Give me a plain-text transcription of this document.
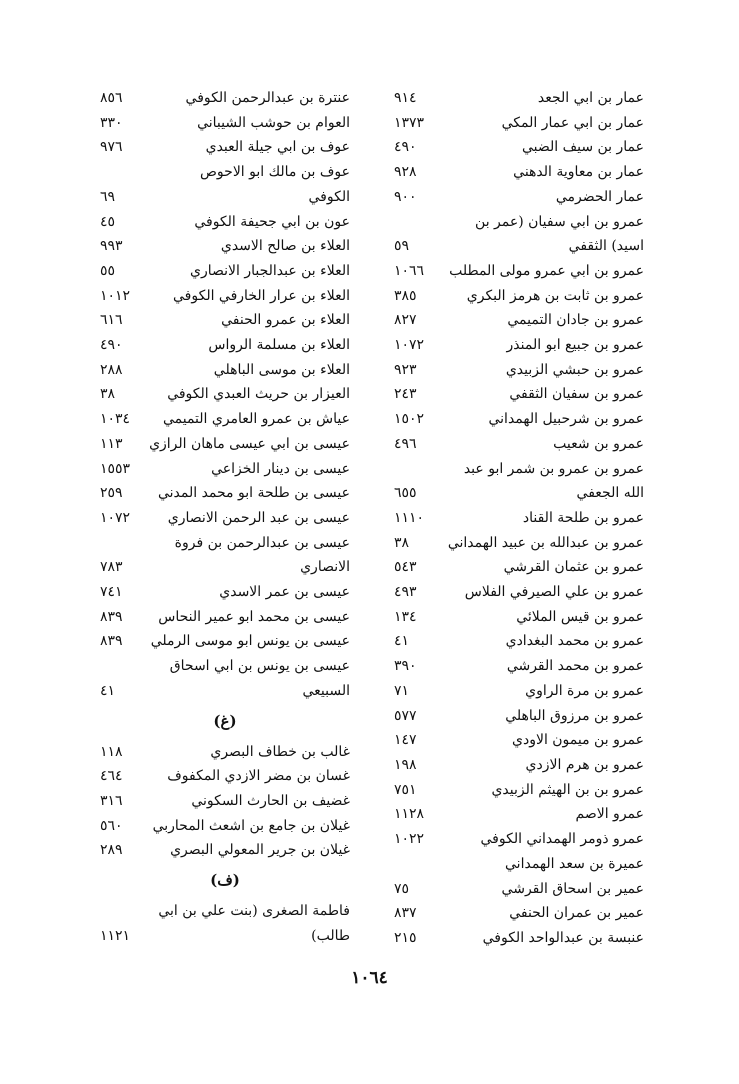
عمار بن ابي الجعد
٩١٤
عمار بن ابي عمار المكي
١٣٧٣
عمار بن سيف الضبي
٤٩٠
عمار بن معاوية الدهني
٩٢٨
عمار الحضرمي
٩٠٠
عمرو بن ابي سفيان (عمر بن
اسيد) الثقفي
٥٩
عمرو بن ابي عمرو مولى المطلب
١٠٦٦
عمرو بن ثابت بن هرمز البكري
٣٨٥
عمرو بن جادان التميمي
٨٢٧
عمرو بن جبيع ابو المنذر
١٠٧٢
عمرو بن حبشي الزبيدي
٩٢٣
عمرو بن سفيان الثقفي
٢٤٣
عمرو بن شرحبيل الهمداني
١٥٠٢
عمرو بن شعيب
٤٩٦
عمرو بن عمرو بن شمر ابو عبد
الله الجعفي
٦٥٥
عمرو بن طلحة القناد
١١١٠
عمرو بن عبدالله بن عبيد الهمداني
٣٨
عمرو بن عثمان القرشي
٥٤٣
عمرو بن علي الصيرفي الفلاس
٤٩٣
عمرو بن قيس الملائي
١٣٤
عمرو بن محمد البغدادي
٤١
عمرو بن محمد القرشي
٣٩٠
عمرو بن مرة الراوي
٧١
عمرو بن مرزوق الباهلي
٥٧٧
عمرو بن ميمون الاودي
١٤٧
عمرو بن هرم الازدي
١٩٨
عمرو بن بن الهيثم الزبيدي
٧٥١
عمرو الاصم
١١٢٨
عمرو ذومر الهمداني الكوفي
١٠٢٢
عميرة بن سعد الهمداني
عمير بن اسحاق القرشي
٧٥
عمير بن عمران الحنفي
٨٣٧
عنبسة بن عبدالواحد الكوفي
٢١٥
عنترة بن عبدالرحمن الكوفي
٨٥٦
العوام بن حوشب الشيباني
٣٣٠
عوف بن ابي جيلة العبدي
٩٧٦
عوف بن مالك ابو الاحوص
الكوفي
٦٩
عون بن ابي جحيفة الكوفي
٤٥
العلاء بن صالح الاسدي
٩٩٣
العلاء بن عبدالجبار الانصاري
٥٥
العلاء بن عرار الخارفي الكوفي
١٠١٢
العلاء بن عمرو الحنفي
٦١٦
العلاء بن مسلمة الرواس
٤٩٠
العلاء بن موسى الباهلي
٢٨٨
العيزار بن حريث العبدي الكوفي
٣٨
عياش بن عمرو العامري التميمي
١٠٣٤
عيسى بن ابي عيسى ماهان الرازي
١١٣
عيسى بن دينار الخزاعي
١٥٥٣
عيسى بن طلحة ابو محمد المدني
٢٥٩
عيسى بن عبد الرحمن الانصاري
١٠٧٢
عيسى بن عبدالرحمن بن فروة
الانصاري
٧٨٣
عيسى بن عمر الاسدي
٧٤١
عيسى بن محمد ابو عمير النحاس
٨٣٩
عيسى بن يونس ابو موسى الرملي
٨٣٩
عيسى بن يونس بن ابي اسحاق
السبيعي
٤١
(غ)
غالب بن خطاف البصري
١١٨
غسان بن مضر الازدي المكفوف
٤٦٤
غضيف بن الحارث السكوني
٣١٦
غيلان بن جامع بن اشعث المحاربي
٥٦٠
غيلان بن جرير المعولي البصري
٢٨٩
(ف)
فاطمة الصغرى (بنت علي بن ابي
طالب)
١١٢١
١٠٦٤
